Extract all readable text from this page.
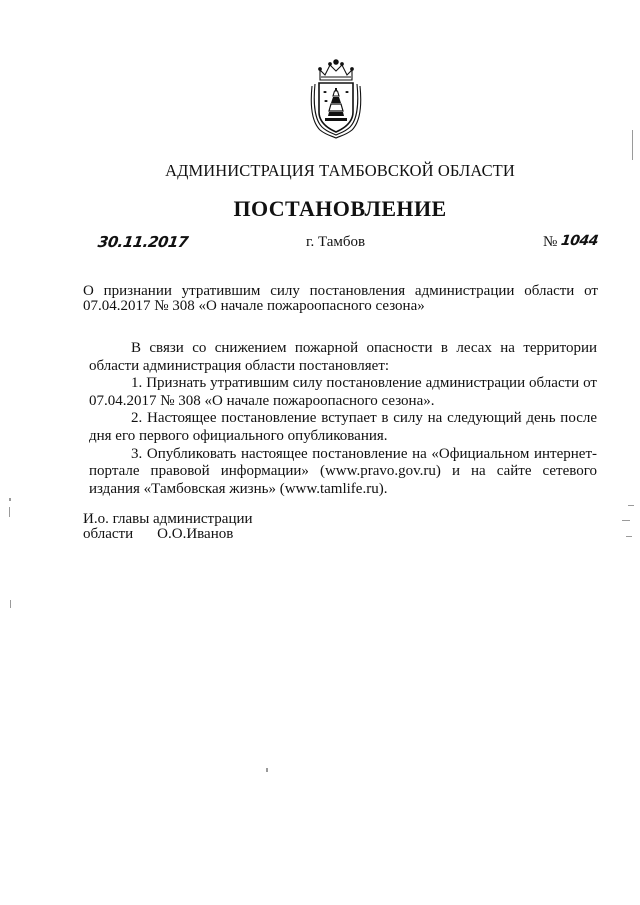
АДМИНИСТРАЦИЯ ТАМБОВСКОЙ ОБЛАСТИ
ПОСТАНОВЛЕНИЕ
30.11.2017	г. Тамбов	№ 1044
О признании утратившим силу постановления администрации области от 07.04.2017 № 308 «О начале пожароопасного сезона»

В связи со снижением пожарной опасности в лесах на территории области администрация области постановляет:

1. Признать утратившим силу постановление администрации области от 07.04.2017 № 308 «О начале пожароопасного сезона».

2. Настоящее постановление вступает в силу на следующий день после дня его первого официального опубликования.

3. Опубликовать настоящее постановление на «Официальном интернет-портале правовой информации» (www.pravo.gov.ru) и на сайте сетевого издания «Тамбовская жизнь» (www.tamlife.ru).

И.о. главы администрации
области О.О.Иванов
